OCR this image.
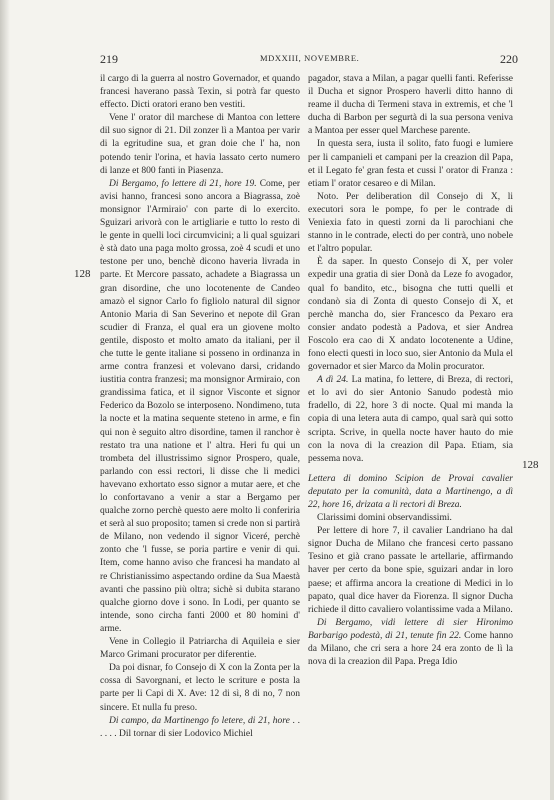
219	MDXXIII, NOVEMBRE.	220
128
128

il cargo di la guerra al nostro Governador, et quando francesi haverano passà Texin, si potrà far questo effecto. Dicti oratori erano ben vestiti.

Vene l' orator dil marchese di Mantoa con lettere dil suo signor di 21. Dil zonzer lì a Mantoa per varir di la egritudine sua, et gran doie che l' ha, non potendo tenir l'orina, et havia lassato certo numero di lanze et 800 fanti in Piasenza.

Di Bergamo, fo lettere di 21, hore 19. Come, per avisi hanno, francesi sono ancora a Biagrassa, zoè monsignor l'Armiraio' con parte di lo exercito. Sguizari arivorà con le artigliarie e tutto lo resto di le gente in quelli loci circumvicini; a li qual sguizari è stà dato una paga molto grossa, zoè 4 scudi et uno testone per uno, benchè dicono haveria livrada in parte. Et Mercore passato, achadete a Biagrassa un gran disordine, che uno locotenente de Candeo amazò el signor Carlo fo figliolo natural dil signor Antonio Maria di San Severino et nepote dil Gran scudier di Franza, el qual era un giovene molto gentile, disposto et molto amato da italiani, per il che tutte le gente italiane si posseno in ordinanza in arme contra franzesi et volevano darsi, cridando iustitia contra franzesi; ma monsignor Armiraio, con grandissima fatica, et il signor Visconte et signor Federico da Bozolo se interposeno. Nondimeno, tuta la nocte et la matina sequente steteno in arme, e fin qui non è seguito altro disordine, tamen il ranchor è restato tra una natione et l' altra. Heri fu qui un trombeta del illustrissimo signor Prospero, quale, parlando con essi rectori, li disse che li medici havevano exhortato esso signor a mutar aere, et che lo confortavano a venir a star a Bergamo per qualche zorno perchè questo aere molto li conferiria et serà al suo proposito; tamen si crede non si partirà de Milano, non vedendo il signor Viceré, perchè zonto che 'l fusse, se poria partire e venir di qui. Item, come hanno aviso che francesi ha mandato al re Christianissimo aspectando ordine da Sua Maestà avanti che passino più oltra; sichè si dubita starano qualche giorno dove i sono. In Lodi, per quanto se intende, sono circha fanti 2000 et 80 homini d' arme.

Vene in Collegio il Patriarcha di Aquileia e sier Marco Grimani procurator per diferentie.

Da poi disnar, fo Consejo di X con la Zonta per la cossa di Savorgnani, et lecto le scriture e posta la parte per li Capi di X. Ave: 12 di sì, 8 di no, 7 non sincere. Et nulla fu preso.

Di campo, da Martinengo fo letere, di 21, hore . . . . . . Dil tornar di sier Lodovico Michiel

pagador, stava a Milan, a pagar quelli fanti. Referisse il Ducha et signor Prospero haverli ditto hanno di reame il ducha di Termeni stava in extremis, et che 'l ducha di Barbon per segurtà di la sua persona veniva a Mantoa per esser quel Marchese parente.

In questa sera, iusta il solito, fato fuogi e lumiere per li campanieli et campani per la creazion dil Papa, et il Legato fe' gran festa et cussi l' orator di Franza : etiam l' orator cesareo e di Milan.

Noto. Per deliberation dil Consejo di X, li executori sora le pompe, fo per le contrade di Veniexia fato in questi zorni da li parochiani che stanno in le contrade, electi do per contrà, uno nobele et l'altro popular.

È da saper. In questo Consejo di X, per voler expedir una gratia di sier Donà da Leze fo avogador, qual fo bandito, etc., bisogna che tutti quelli et condanò sia di Zonta di questo Consejo di X, et perchè mancha do, sier Francesco da Pexaro era consier andato podestà a Padova, et sier Andrea Foscolo era cao di X andato locotenente a Udine, fono electi questi in loco suo, sier Antonio da Mula el governador et sier Marco da Molin procurator.

A dì 24. La matina, fo lettere, di Breza, di rectori, et lo avi do sier Antonio Sanudo podestà mio fradello, di 22, hore 3 di nocte. Qual mi manda la copia di una letera auta di campo, qual sarà qui sotto scripta. Scrive, in quella nocte haver hauto do mie con la nova di la creazion dil Papa. Etiam, sia pessema nova.

Lettera di domino Scipion de Provai cavalier deputato per la comunità, data a Martinengo, a dì 22, hore 16, drizata a li rectori di Breza.

Clarissimi domini observandissimi.

Per lettere di hore 7, il cavalier Landriano ha dal signor Ducha de Milano che francesi certo passano Tesino et già crano passate le artellarie, affirmando haver per certo da bone spie, sguizari andar in loro paese; et affirma ancora la creatione di Medici in lo papato, qual dice haver da Fiorenza. Il signor Ducha richiede il ditto cavaliero volantissime vada a Milano.

Di Bergamo, vidi lettere di sier Hironimo Barbarigo podestà, di 21, tenute fin 22. Come hanno da Milano, che cri sera a hore 24 era zonto de lì la nova di la creazion dil Papa. Prega Idio
